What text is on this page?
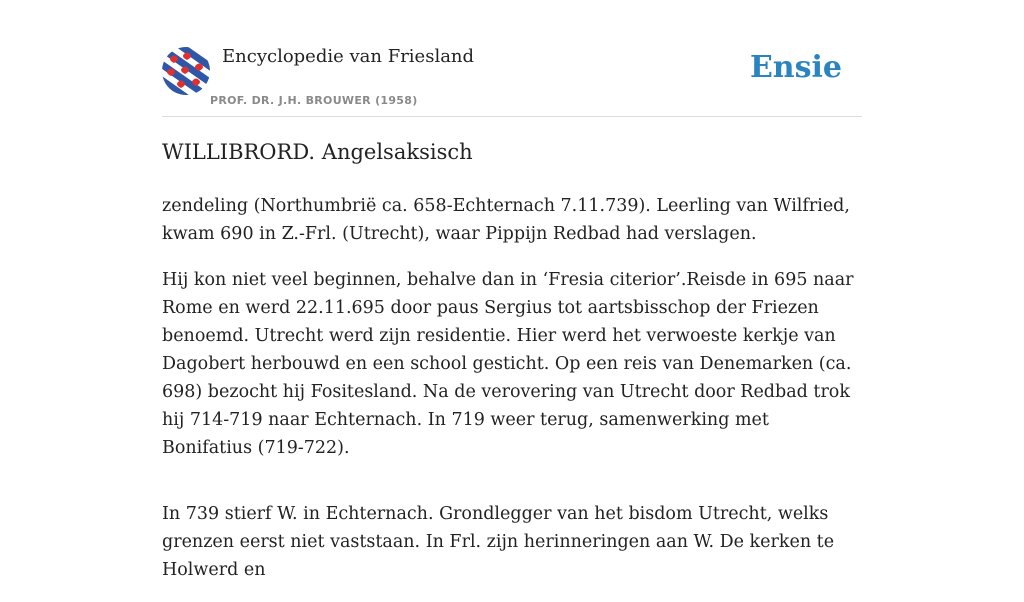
Encyclopedie van Friesland
PROF. DR. J.H. BROUWER (1958)
Ensie
WILLIBRORD. Angelsaksisch

zendeling (Northumbrië ca. 658-Echternach 7.11.739). Leerling van Wilfried, kwam 690 in Z.-Frl. (Utrecht), waar Pippijn Redbad had verslagen.

Hij kon niet veel beginnen, behalve dan in ‘Fresia citerior’.Reisde in 695 naar Rome en werd 22.11.695 door paus Sergius tot aartsbisschop der Friezen benoemd. Utrecht werd zijn residentie. Hier werd het verwoeste kerkje van Dagobert herbouwd en een school gesticht. Op een reis van Denemarken (ca. 698) bezocht hij Fositesland. Na de verovering van Utrecht door Redbad trok hij 714-719 naar Echternach. In 719 weer terug, samenwerking met Bonifatius (719-722).

In 739 stierf W. in Echternach. Grondlegger van het bisdom Utrecht, welks grenzen eerst niet vaststaan. In Frl. zijn herinneringen aan W. De kerken te Holwerd en
